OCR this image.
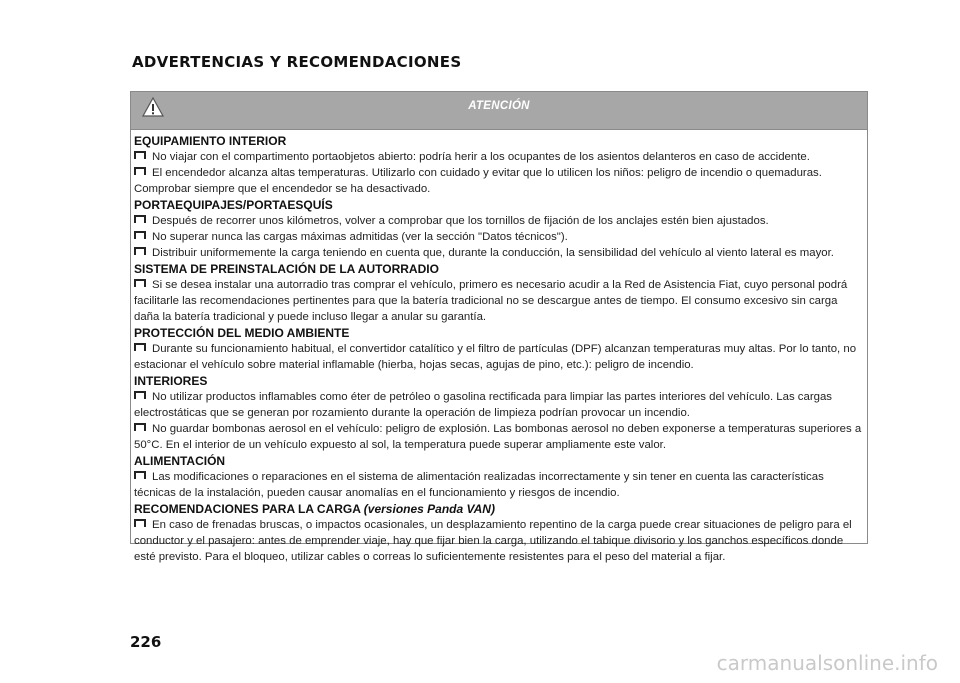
ADVERTENCIAS Y RECOMENDACIONES
ATENCIÓN
EQUIPAMIENTO INTERIOR

No viajar con el compartimento portaobjetos abierto: podría herir a los ocupantes de los asientos delanteros en caso de accidente.

El encendedor alcanza altas temperaturas. Utilizarlo con cuidado y evitar que lo utilicen los niños: peligro de incendio o quemaduras. Comprobar siempre que el encendedor se ha desactivado.

PORTAEQUIPAJES/PORTAESQUÍS

Después de recorrer unos kilómetros, volver a comprobar que los tornillos de fijación de los anclajes estén bien ajustados.

No superar nunca las cargas máximas admitidas (ver la sección "Datos técnicos").

Distribuir uniformemente la carga teniendo en cuenta que, durante la conducción, la sensibilidad del vehículo al viento lateral es mayor.

SISTEMA DE PREINSTALACIÓN DE LA AUTORRADIO

Si se desea instalar una autorradio tras comprar el vehículo, primero es necesario acudir a la Red de Asistencia Fiat, cuyo personal podrá facilitarle las recomendaciones pertinentes para que la batería tradicional no se descargue antes de tiempo. El consumo excesivo sin carga daña la batería tradicional y puede incluso llegar a anular su garantía.

PROTECCIÓN DEL MEDIO AMBIENTE

Durante su funcionamiento habitual, el convertidor catalítico y el filtro de partículas (DPF) alcanzan temperaturas muy altas. Por lo tanto, no estacionar el vehículo sobre material inflamable (hierba, hojas secas, agujas de pino, etc.): peligro de incendio.

INTERIORES

No utilizar productos inflamables como éter de petróleo o gasolina rectificada para limpiar las partes interiores del vehículo. Las cargas electrostáticas que se generan por rozamiento durante la operación de limpieza podrían provocar un incendio.

No guardar bombonas aerosol en el vehículo: peligro de explosión. Las bombonas aerosol no deben exponerse a temperaturas superiores a 50°C. En el interior de un vehículo expuesto al sol, la temperatura puede superar ampliamente este valor.

ALIMENTACIÓN

Las modificaciones o reparaciones en el sistema de alimentación realizadas incorrectamente y sin tener en cuenta las características técnicas de la instalación, pueden causar anomalías en el funcionamiento y riesgos de incendio.

RECOMENDACIONES PARA LA CARGA (versiones Panda VAN)

En caso de frenadas bruscas, o impactos ocasionales, un desplazamiento repentino de la carga puede crear situaciones de peligro para el conductor y el pasajero: antes de emprender viaje, hay que fijar bien la carga, utilizando el tabique divisorio y los ganchos específicos donde esté previsto. Para el bloqueo, utilizar cables o correas lo suficientemente resistentes para el peso del material a fijar.

226
carmanualsonline.info
